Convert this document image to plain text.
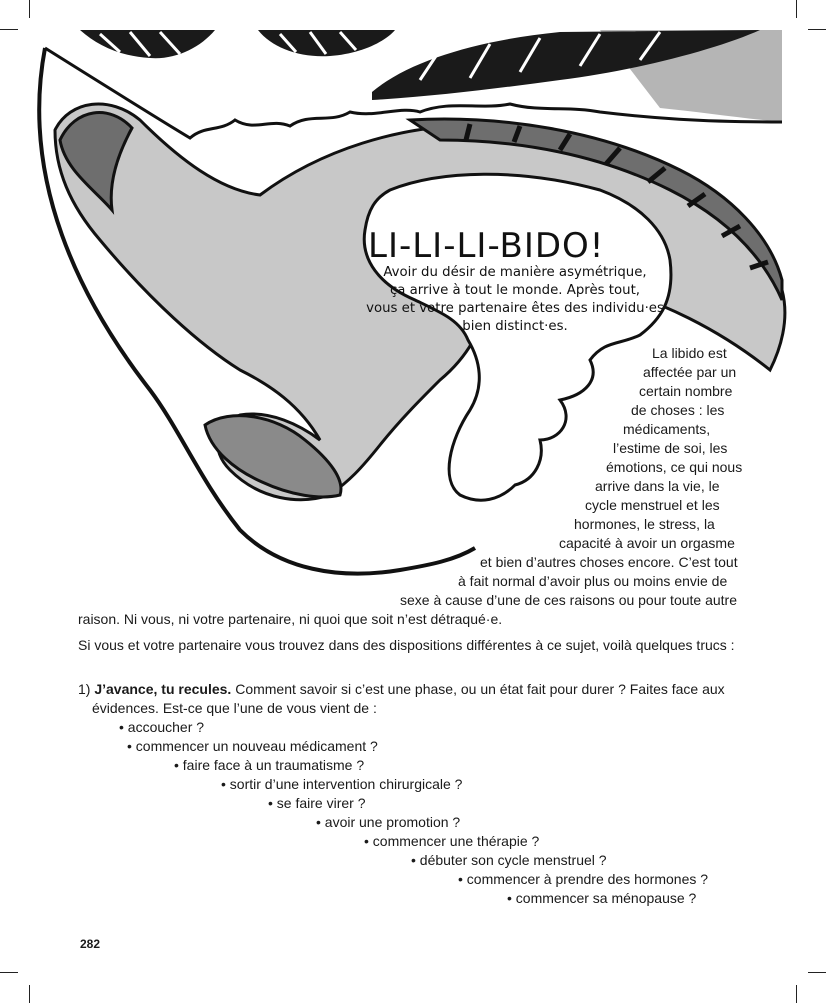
LI-LI-LI-BIDO!
Avoir du désir de manière asymétrique,
ça arrive à tout le monde. Après tout,
vous et votre partenaire êtes des individu·es
bien distinct·es.

La libido est

affectée par un

certain nombre

de choses : les

médicaments,

l’estime de soi, les

émotions, ce qui nous

arrive dans la vie, le

cycle menstruel et les

hormones, le stress, la

capacité à avoir un orgasme

et bien d’autres choses encore. C’est tout

à fait normal d’avoir plus ou moins envie de

sexe à cause d’une de ces raisons ou pour toute autre

raison. Ni vous, ni votre partenaire, ni quoi que soit n’est détraqué·e.

Si vous et votre partenaire vous trouvez dans des dispositions différentes à ce sujet, voilà quelques trucs :

1) J’avance, tu recules. Comment savoir si c’est une phase, ou un état fait pour durer ? Faites face aux évidences. Est-ce que l’une de vous vient de :

• accoucher ?

• commencer un nouveau médicament ?

• faire face à un traumatisme ?

• sortir d’une intervention chirurgicale ?

• se faire virer ?

• avoir une promotion ?

• commencer une thérapie ?

• débuter son cycle menstruel ?

• commencer à prendre des hormones ?

• commencer sa ménopause ?

282
